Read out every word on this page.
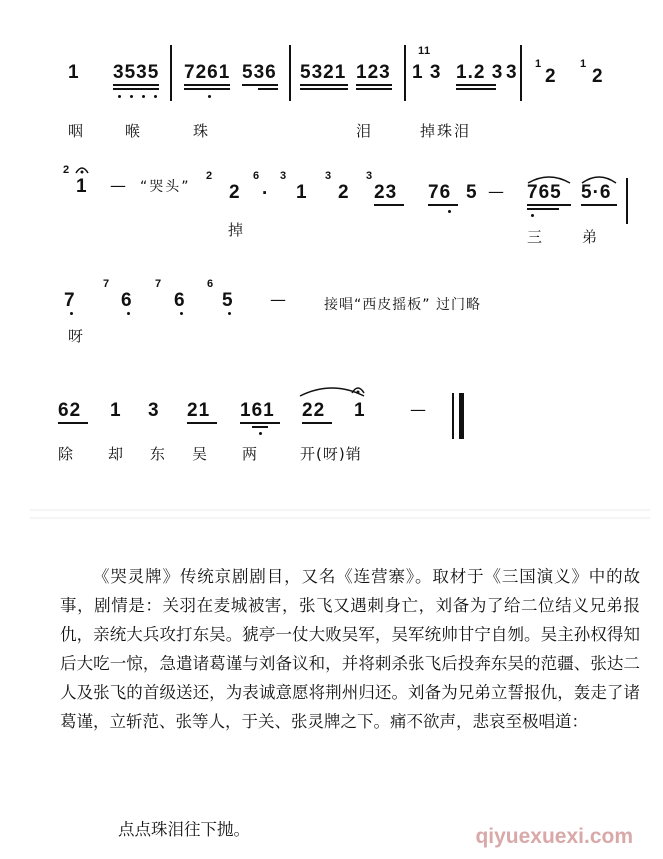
1 3535 7261 536 5321 123
1 1
1 3 1.2 3 3 1
2
1
2
咽	喉	珠	泪	掉珠泪
2
1 — “哭头”
2
2
6
.
3
1
3
2
3
23 76 5 — 765 5·6
掉	三	弟
7
7
6
7
6
6
5 —	接唱“西皮摇板” 过门略
呀
62 1 3 21 161 22 1	—
除 却 东 吴 两	开(呀)销

《哭灵牌》传统京剧剧目，又名《连营寨》。取材于《三国演义》中的故事，剧情是：关羽在麦城被害，张飞又遇刺身亡，刘备为了给二位结义兄弟报仇，亲统大兵攻打东吴。猇亭一仗大败吴军，吴军统帅甘宁自刎。吴主孙权得知后大吃一惊，急遣诸葛谨与刘备议和，并将刺杀张飞后投奔东吴的范疆、张达二人及张飞的首级送还，为表诚意愿将荆州归还。刘备为兄弟立誓报仇，轰走了诸葛谨，立斩范、张等人，于关、张灵牌之下。痛不欲声，悲哀至极唱道：

点点珠泪往下抛。	qiyuexuexi.com
